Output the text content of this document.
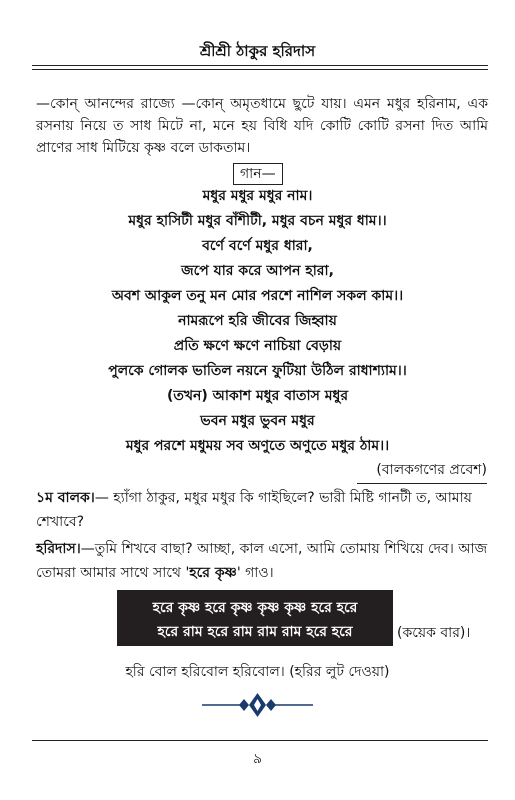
শ্রীশ্রী ঠাকুর হরিদাস
—কোন্ আনন্দের রাজ্যে —কোন্ অমৃতধামে ছুটে যায়। এমন মধুর হরিনাম, এক রসনায় নিয়ে ত সাধ মিটে না, মনে হয় বিধি যদি কোটি কোটি রসনা দিত আমি প্রাণের সাধ মিটিয়ে কৃষ্ণ বলে ডাকতাম।
গান—
মধুর মধুর মধুর নাম।
মধুর হাসিটী মধুর বাঁশীটী, মধুর বচন মধুর ধাম।।
বর্ণে বর্ণে মধুর ধারা,
জপে যার করে আপন হারা,
অবশ আকুল তনু মন মোর পরশে নাশিল সকল কাম।।
নামরূপে হরি জীবের জিহ্বায়
প্রতি ক্ষণে ক্ষণে নাচিয়া বেড়ায়
পুলকে গোলক ভাতিল নয়নে ফুটিয়া উঠিল রাধাশ্যাম।।
(তখন) আকাশ মধুর বাতাস মধুর
ভবন মধুর ভুবন মধুর
মধুর পরশে মধুময় সব অণুতে অণুতে মধুর ঠাম।।
(বালকগণের প্রবেশ)
১ম বালক।— হ্যাঁগা ঠাকুর, মধুর মধুর কি গাইছিলে? ভারী মিষ্টি গানটী ত, আমায় শেখাবে?
হরিদাস।—তুমি শিখবে বাছা? আচ্ছা, কাল এসো, আমি তোমায় শিখিয়ে দেব। আজ তোমরা আমার সাথে সাথে 'হরে কৃষ্ণ' গাও।
হরে কৃষ্ণ হরে কৃষ্ণ কৃষ্ণ কৃষ্ণ হরে হরে
হরে রাম হরে রাম রাম রাম হরে হরে	(কয়েক বার)।
হরি বোল হরিবোল হরিবোল। (হরির লুট দেওয়া)
৯
